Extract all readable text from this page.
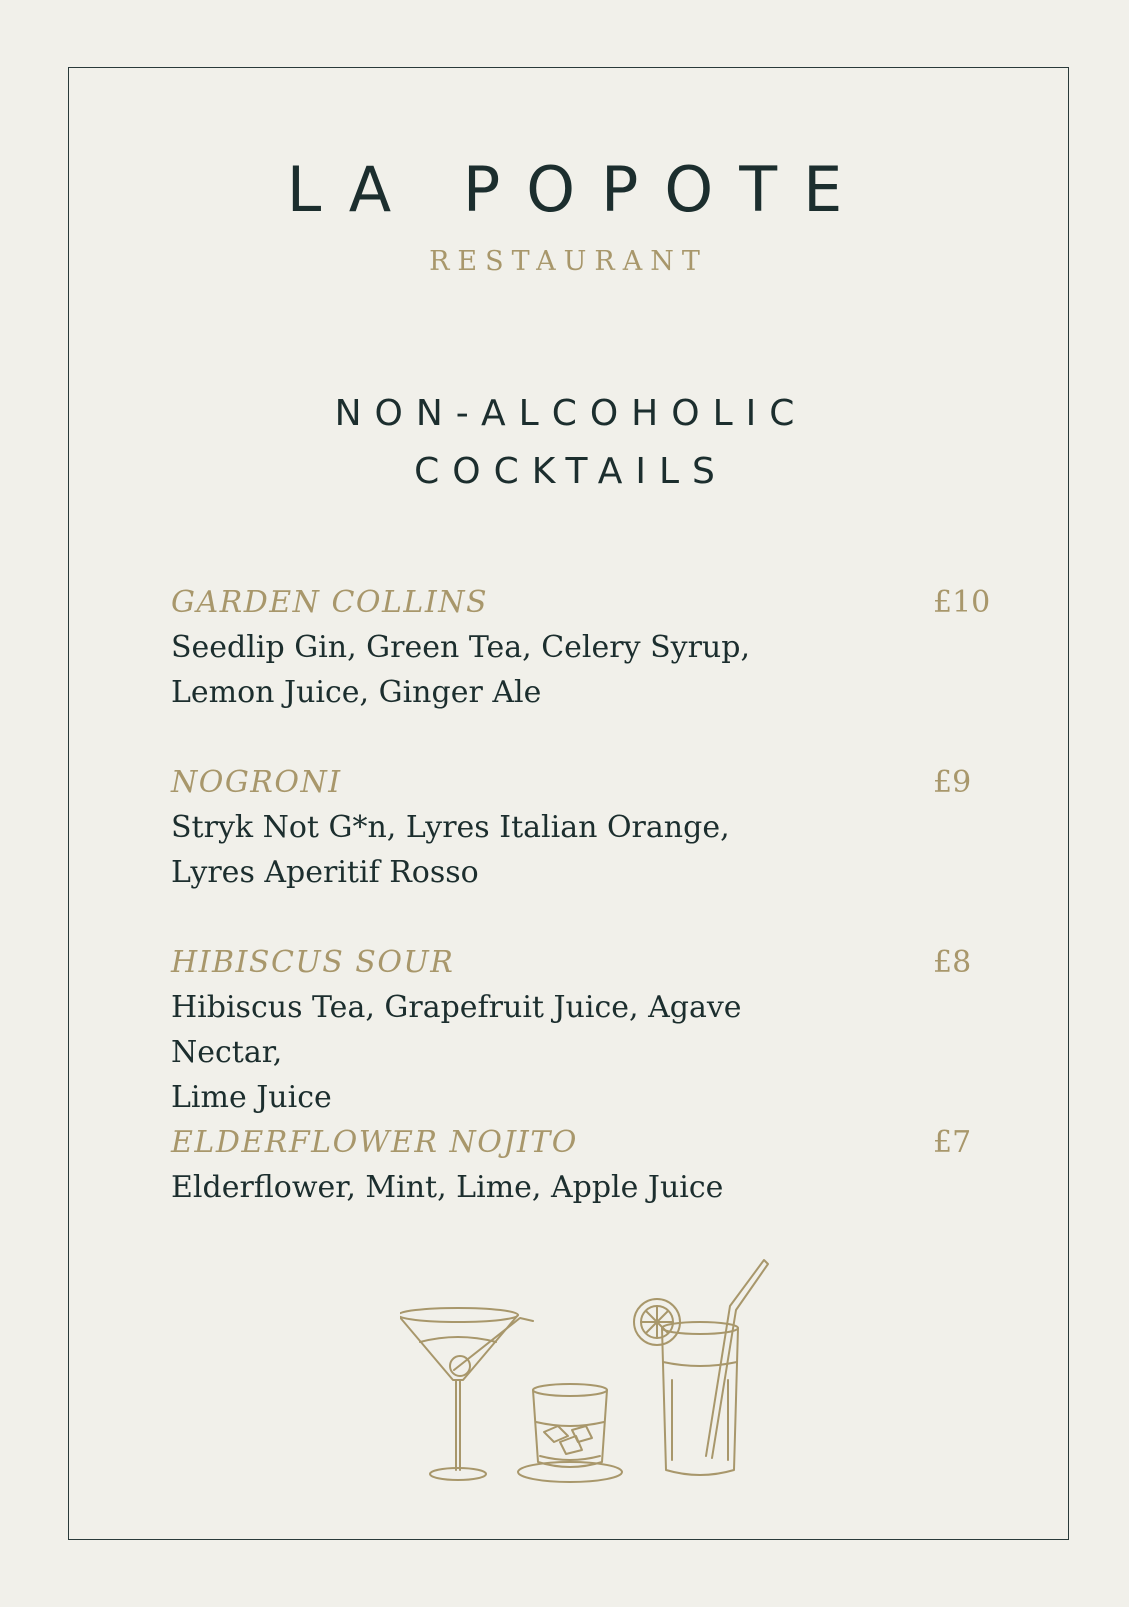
LA POPOTE
RESTAURANT
NON-ALCOHOLIC
COCKTAILS
GARDEN COLLINS	£10
Seedlip Gin, Green Tea, Celery Syrup,
Lemon Juice, Ginger Ale
NOGRONI	£9
Stryk Not G*n, Lyres Italian Orange,
Lyres Aperitif Rosso
HIBISCUS SOUR	£8
Hibiscus Tea, Grapefruit Juice, Agave Nectar,
Lime Juice
ELDERFLOWER NOJITO	£7
Elderflower, Mint, Lime, Apple Juice
